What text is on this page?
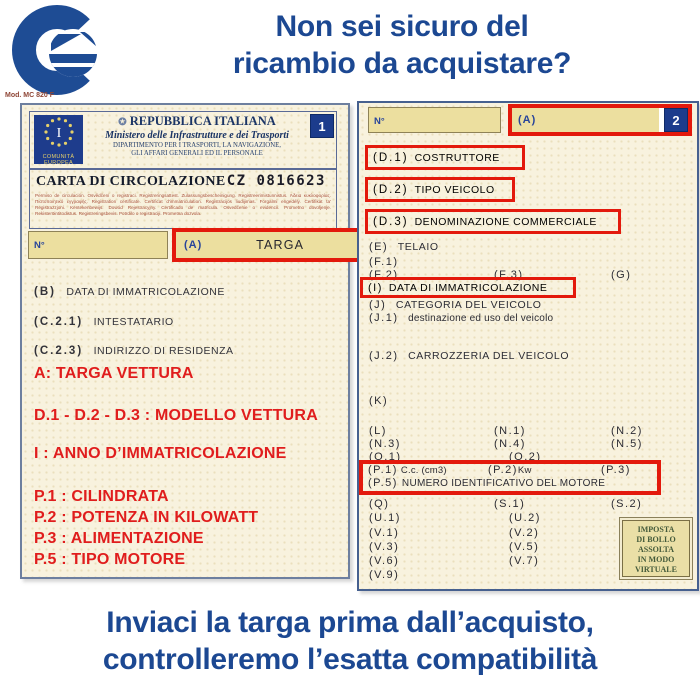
Non sei sicuro del
ricambio da acquistare?
Mod. MC 820 F
I
COMUNITÀ
EUROPEA
✪ REPUBBLICA ITALIANA
Ministero delle Infrastrutture e dei Trasporti
DIPARTIMENTO PER I TRASPORTI, LA NAVIGAZIONE,
GLI AFFARI GENERALI ED IL PERSONALE
1
CARTA DI CIRCOLAZIONE CZ 0816623
Permiso de circulación. Osvědčení o registraci. Registreringsattest. Zulassungsbescheinigung. Registreerimistunnistus. Άδεια κυκλοφορίας. Πιστοποιητικό εγγραφής. Registration certificate. Certificat d'immatriculation. Registracijos liudijimas. Forgalmi engedély. Certifikat ta' Registrazzjoni. Kentekenbewijs. Dowód Rejestracyjny. Certificado de matrícula. Osvedčenie o evidencii. Prometno dovoljenje. Rekisteröintitodistus. Registreringsbevis. Potrdilo o registraciji. Prometna dozvola.
N°	(A)	TARGA
(B) DATA DI IMMATRICOLAZIONE
(C.2.1) INTESTATARIO
(C.2.3) INDIRIZZO DI RESIDENZA
A: TARGA VETTURA
D.1 - D.2 - D.3 : MODELLO VETTURA
I : ANNO D’IMMATRICOLAZIONE
P.1 : CILINDRATA
P.2 : POTENZA IN KILOWATT
P.3 : ALIMENTAZIONE
P.5 : TIPO MOTORE
N°	(A)	2
(D.1) COSTRUTTORE
(D.2) TIPO VEICOLO
(D.3) DENOMINAZIONE COMMERCIALE
(E) TELAIO
(F.1)
(F.2)	(F.3)	(G)
(I) DATA DI IMMATRICOLAZIONE
(J) CATEGORIA DEL VEICOLO
(J.1) destinazione ed uso del veicolo
(J.2) CARROZZERIA DEL VEICOLO
(K)
(L)	(N.1)	(N.2)
(N.3)	(N.4)	(N.5)
(O.1)	(O.2)
(P.1) C.c. (cm3)	(P.2)Kw	(P.3)
(P.5) NUMERO IDENTIFICATIVO DEL MOTORE
(Q)	(S.1)	(S.2)
(U.1)	(U.2)
(V.1)	(V.2)
(V.3)	(V.5)
(V.6)	(V.7)
(V.9)
IMPOSTA
DI BOLLO
ASSOLTA
IN MODO
VIRTUALE
Inviaci la targa prima dall’acquisto,
controlleremo l’esatta compatibilità
